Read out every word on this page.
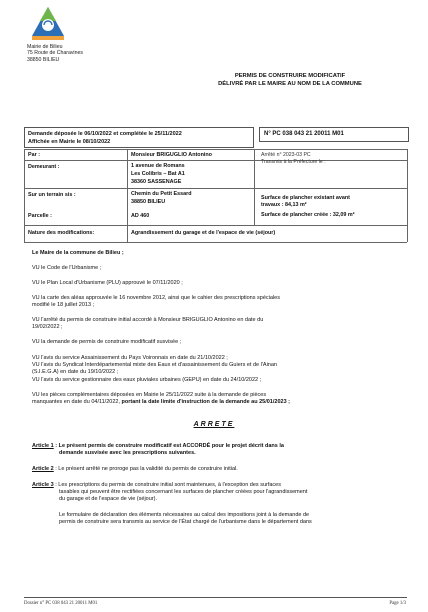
Mairie de Bilieu
75 Route de Charavines
38850 BILIEU
PERMIS DE CONSTRUIRE MODIFICATIF
DÉLIVRÉ PAR LE MAIRE AU NOM DE LA COMMUNE
Demande déposée le 06/10/2022 et complétée le 25/11/2022
Affichée en Mairie le 08/10/2022
N° PC 038 043 21 20011 M01
Par :	Monsieur BRIGUGLIO Antonino	Arrêté n° 2023-03 PC
Transmis à la Préfecture le :
Demeurant :	1 avenue de Romans
Les Colibris – Bat A1
38360 SASSENAGE
Sur un terrain sis :	Chemin du Petit Essard
38850 BILIEU
Parcelle :	AD 460
Surface de plancher existant avant
travaux : 84,13 m²
Surface de plancher créée : 32,09 m²
Nature des modifications:	Agrandissement du garage et de l'espace de vie (séjour)
Le Maire de la commune de Bilieu ;
VU le Code de l'Urbanisme ;
VU le Plan Local d'Urbanisme (PLU) approuvé le 07/11/2020 ;
VU la carte des aléas approuvée le 16 novembre 2012, ainsi que le cahier des prescriptions spéciales
modifié le 18 juillet 2013 ;
VU l'arrêté du permis de construire initial accordé à Monsieur BRIGUGLIO Antonino en date du
19/02/2022 ;
VU la demande de permis de construire modificatif susvisée ;
VU l'avis du service Assainissement du Pays Voironnais en date du 21/10/2022 ;
VU l'avis du Syndicat Interdépartemental mixte des Eaux et d'assainissement du Guiers et de l'Ainan
(S.I.E.G.A) en date du 19/10/2022 ;
VU l'avis du service gestionnaire des eaux pluviales urbaines (GEPU) en date du 24/10/2022 ;
VU les pièces complémentaires déposées en Mairie le 25/11/2022 suite à la demande de pièces
manquantes en date du 04/11/2022, portant la date limite d'instruction de la demande au 25/01/2023 ;
ARRETE
Article 1 : Le présent permis de construire modificatif est ACCORDÉ pour le projet décrit dans la
demande susvisée avec les prescriptions suivantes.
Article 2 : Le présent arrêté ne proroge pas la validité du permis de construire initial.
Article 3 : Les prescriptions du permis de construire initial sont maintenues, à l'exception des surfaces
taxables qui peuvent être rectifiées concernant les surfaces de plancher créées pour l'agrandissement
du garage et de l'espace de vie (séjour).
Le formulaire de déclaration des éléments nécessaires au calcul des impositions joint à la demande de
permis de construire sera transmis au service de l'État chargé de l'urbanisme dans le département dans
Dossier n° PC 038 043 21 20011 M01	Page 1/3
